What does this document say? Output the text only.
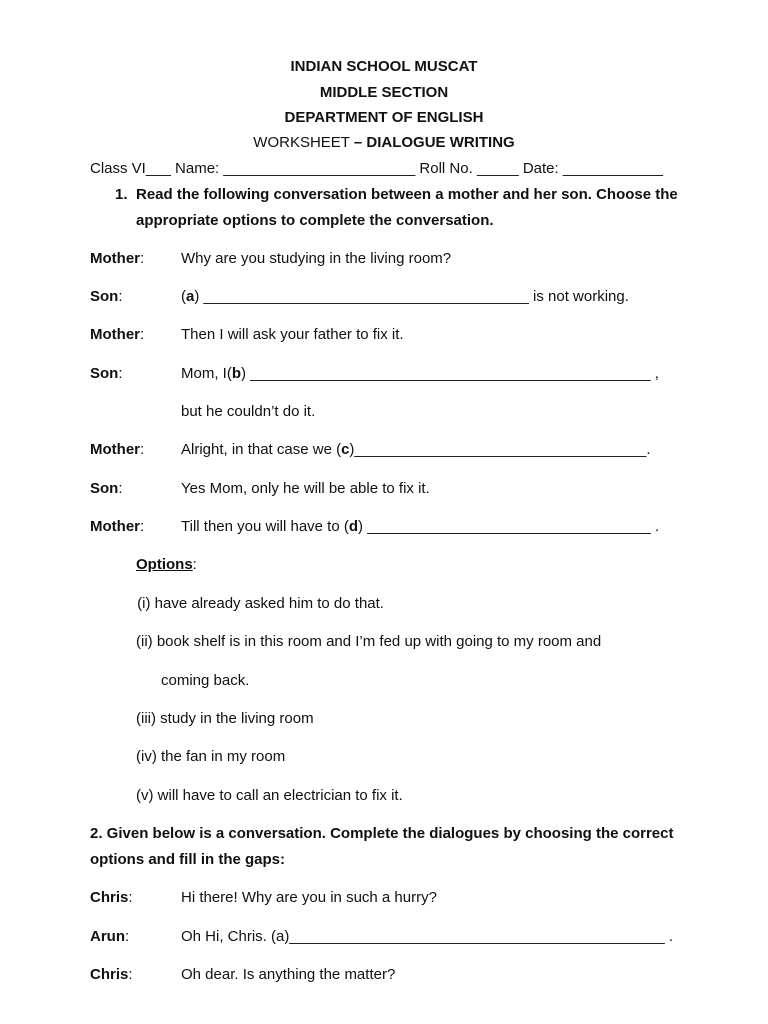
INDIAN SCHOOL MUSCAT
MIDDLE SECTION
DEPARTMENT OF ENGLISH
WORKSHEET – DIALOGUE WRITING
Class VI___ Name: _______________________ Roll No. _____ Date: ____________
1. Read the following conversation between a mother and her son. Choose the
appropriate options to complete the conversation.
Mother: Why are you studying in the living room?
Son:	(a) _______________________________________ is not working.
Mother: Then I will ask your father to fix it.
Son:	Mom, I(b) ________________________________________________ ,
but he couldn’t do it.
Mother: Alright, in that case we (c)___________________________________.
Son:	Yes Mom, only he will be able to fix it.
Mother: Till then you will have to (d) __________________________________ .
Options:
(i) have already asked him to do that.
(ii) book shelf is in this room and I’m fed up with going to my room and
coming back.
(iii) study in the living room
(iv) the fan in my room
(v) will have to call an electrician to fix it.
2. Given below is a conversation. Complete the dialogues by choosing the correct
options and fill in the gaps:
Chris:	Hi there! Why are you in such a hurry?
Arun:	Oh Hi, Chris. (a)_____________________________________________ .
Chris:	Oh dear. Is anything the matter?
